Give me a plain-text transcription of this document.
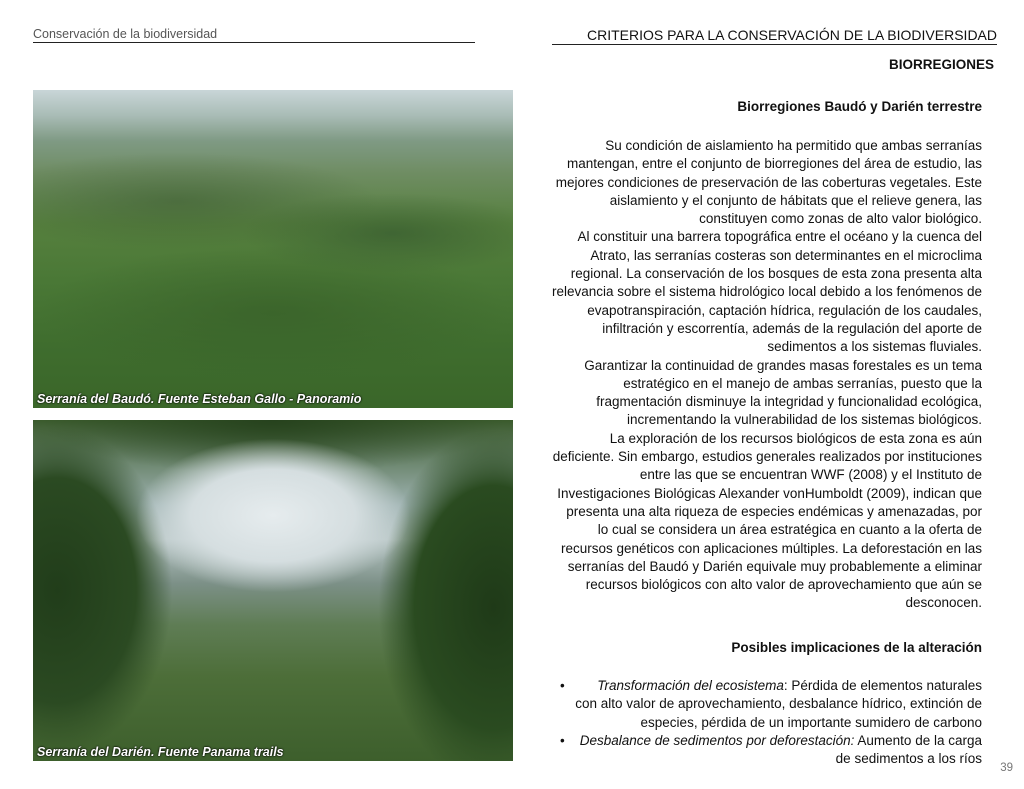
Conservación de la biodiversidad	CRITERIOS PARA LA CONSERVACIÓN DE LA BIODIVERSIDAD
BIORREGIONES
Serranía del Baudó. Fuente Esteban Gallo - Panoramio
Serranía del Darién. Fuente Panama trails
Biorregiones Baudó y Darién terrestre

Su condición de aislamiento ha permitido que ambas serranías mantengan, entre el conjunto de biorregiones del área de estudio, las mejores condiciones de preservación de las coberturas vegetales. Este aislamiento y el conjunto de hábitats que el relieve genera, las constituyen como zonas de alto valor biológico.

Al constituir una barrera topográfica entre el océano y la cuenca del Atrato, las serranías costeras son determinantes en el microclima regional. La conservación de los bosques de esta zona presenta alta relevancia sobre el sistema hidrológico local debido a los fenómenos de evapotranspiración, captación hídrica, regulación de los caudales, infiltración y escorrentía, además de la regulación del aporte de sedimentos a los sistemas fluviales.

Garantizar la continuidad de grandes masas forestales es un tema estratégico en el manejo de ambas serranías, puesto que la fragmentación disminuye la integridad y funcionalidad ecológica, incrementando la vulnerabilidad de los sistemas biológicos.

La exploración de los recursos biológicos de esta zona es aún deficiente. Sin embargo, estudios generales realizados por instituciones entre las que se encuentran WWF (2008) y el Instituto de Investigaciones Biológicas Alexander vonHumboldt (2009), indican que presenta una alta riqueza de especies endémicas y amenazadas, por lo cual se considera un área estratégica en cuanto a la oferta de recursos genéticos con aplicaciones múltiples. La deforestación en las serranías del Baudó y Darién equivale muy probablemente a eliminar recursos biológicos con alto valor de aprovechamiento que aún se desconocen.

Posibles implicaciones de la alteración
• Transformación del ecosistema: Pérdida de elementos naturales con alto valor de aprovechamiento, desbalance hídrico, extinción de especies, pérdida de un importante sumidero de carbono
• Desbalance de sedimentos por deforestación: Aumento de la carga de sedimentos a los ríos
39
